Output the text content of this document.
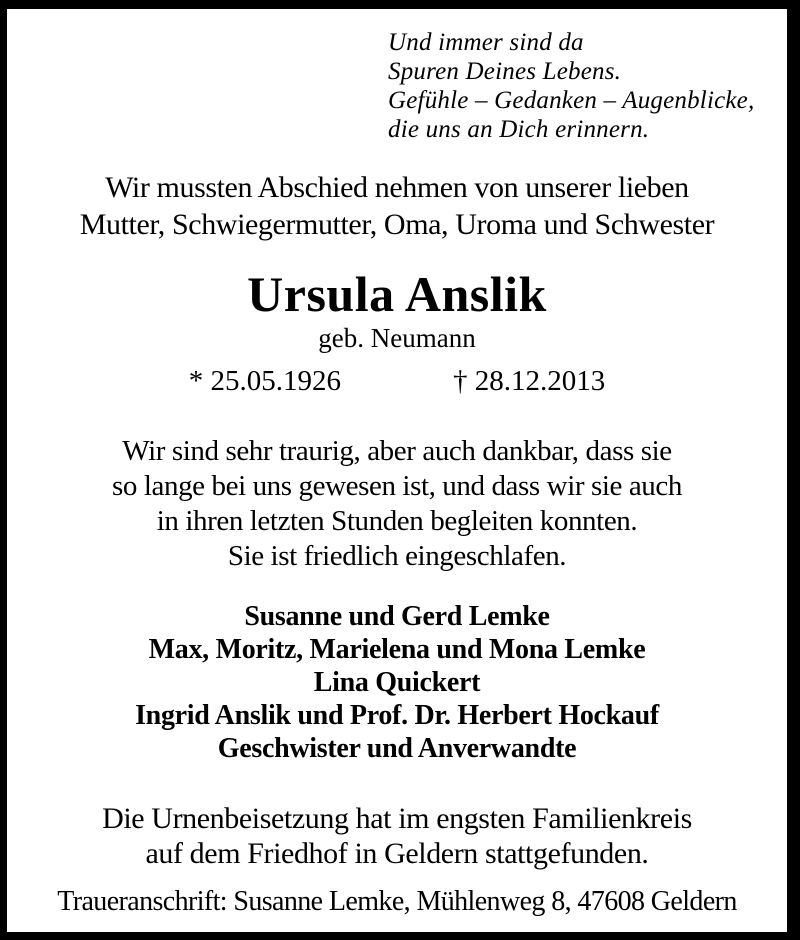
Und immer sind da
Spuren Deines Lebens.
Gefühle – Gedanken – Augenblicke,
die uns an Dich erinnern.
Wir mussten Abschied nehmen von unserer lieben
Mutter, Schwiegermutter, Oma, Uroma und Schwester
Ursula Anslik
geb. Neumann
* 25.05.1926	† 28.12.2013
Wir sind sehr traurig, aber auch dankbar, dass sie
so lange bei uns gewesen ist, und dass wir sie auch
in ihren letzten Stunden begleiten konnten.
Sie ist friedlich eingeschlafen.
Susanne und Gerd Lemke
Max, Moritz, Marielena und Mona Lemke
Lina Quickert
Ingrid Anslik und Prof. Dr. Herbert Hockauf
Geschwister und Anverwandte
Die Urnenbeisetzung hat im engsten Familienkreis
auf dem Friedhof in Geldern stattgefunden.
Traueranschrift: Susanne Lemke, Mühlenweg 8, 47608 Geldern
